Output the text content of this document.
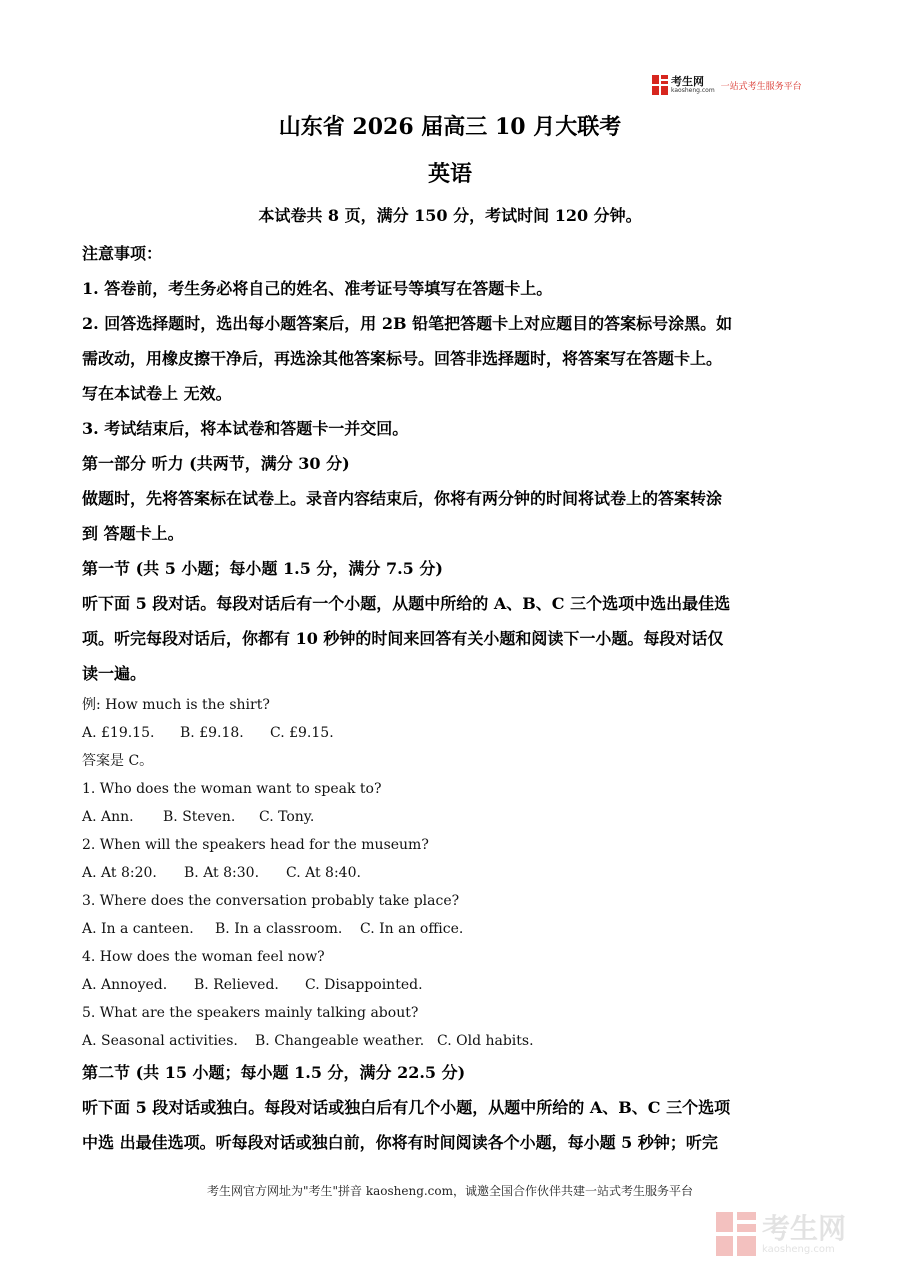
考生网
kaosheng.com 一站式考生服务平台
山东省 2026 届高三 10 月大联考
英语
本试卷共 8 页，满分 150 分，考试时间 120 分钟。
注意事项：
1. 答卷前，考生务必将自己的姓名、准考证号等填写在答题卡上。
2. 回答选择题时，选出每小题答案后，用 2B 铅笔把答题卡上对应题目的答案标号涂黑。如
需改动，用橡皮擦干净后，再选涂其他答案标号。回答非选择题时，将答案写在答题卡上。
写在本试卷上 无效。
3. 考试结束后，将本试卷和答题卡一并交回。
第一部分 听力 (共两节，满分 30 分)
做题时，先将答案标在试卷上。录音内容结束后，你将有两分钟的时间将试卷上的答案转涂
到 答题卡上。
第一节 (共 5 小题；每小题 1.5 分，满分 7.5 分)
听下面 5 段对话。每段对话后有一个小题，从题中所给的 A、B、C 三个选项中选出最佳选
项。听完每段对话后，你都有 10 秒钟的时间来回答有关小题和阅读下一小题。每段对话仅
读一遍。
例: How much is the shirt?
A. £19.15. B. £9.18. C. £9.15.
答案是 C。
1. Who does the woman want to speak to?
A. Ann. B. Steven. C. Tony.
2. When will the speakers head for the museum?
A. At 8:20. B. At 8:30. C. At 8:40.
3. Where does the conversation probably take place?
A. In a canteen. B. In a classroom. C. In an office.
4. How does the woman feel now?
A. Annoyed. B. Relieved. C. Disappointed.
5. What are the speakers mainly talking about?
A. Seasonal activities. B. Changeable weather. C. Old habits.
第二节 (共 15 小题；每小题 1.5 分，满分 22.5 分)
听下面 5 段对话或独白。每段对话或独白后有几个小题，从题中所给的 A、B、C 三个选项
中选 出最佳选项。听每段对话或独白前，你将有时间阅读各个小题，每小题 5 秒钟；听完
考生网官方网址为"考生"拼音 kaosheng.com，诚邀全国合作伙伴共建一站式考生服务平台
考生网
kaosheng.com
